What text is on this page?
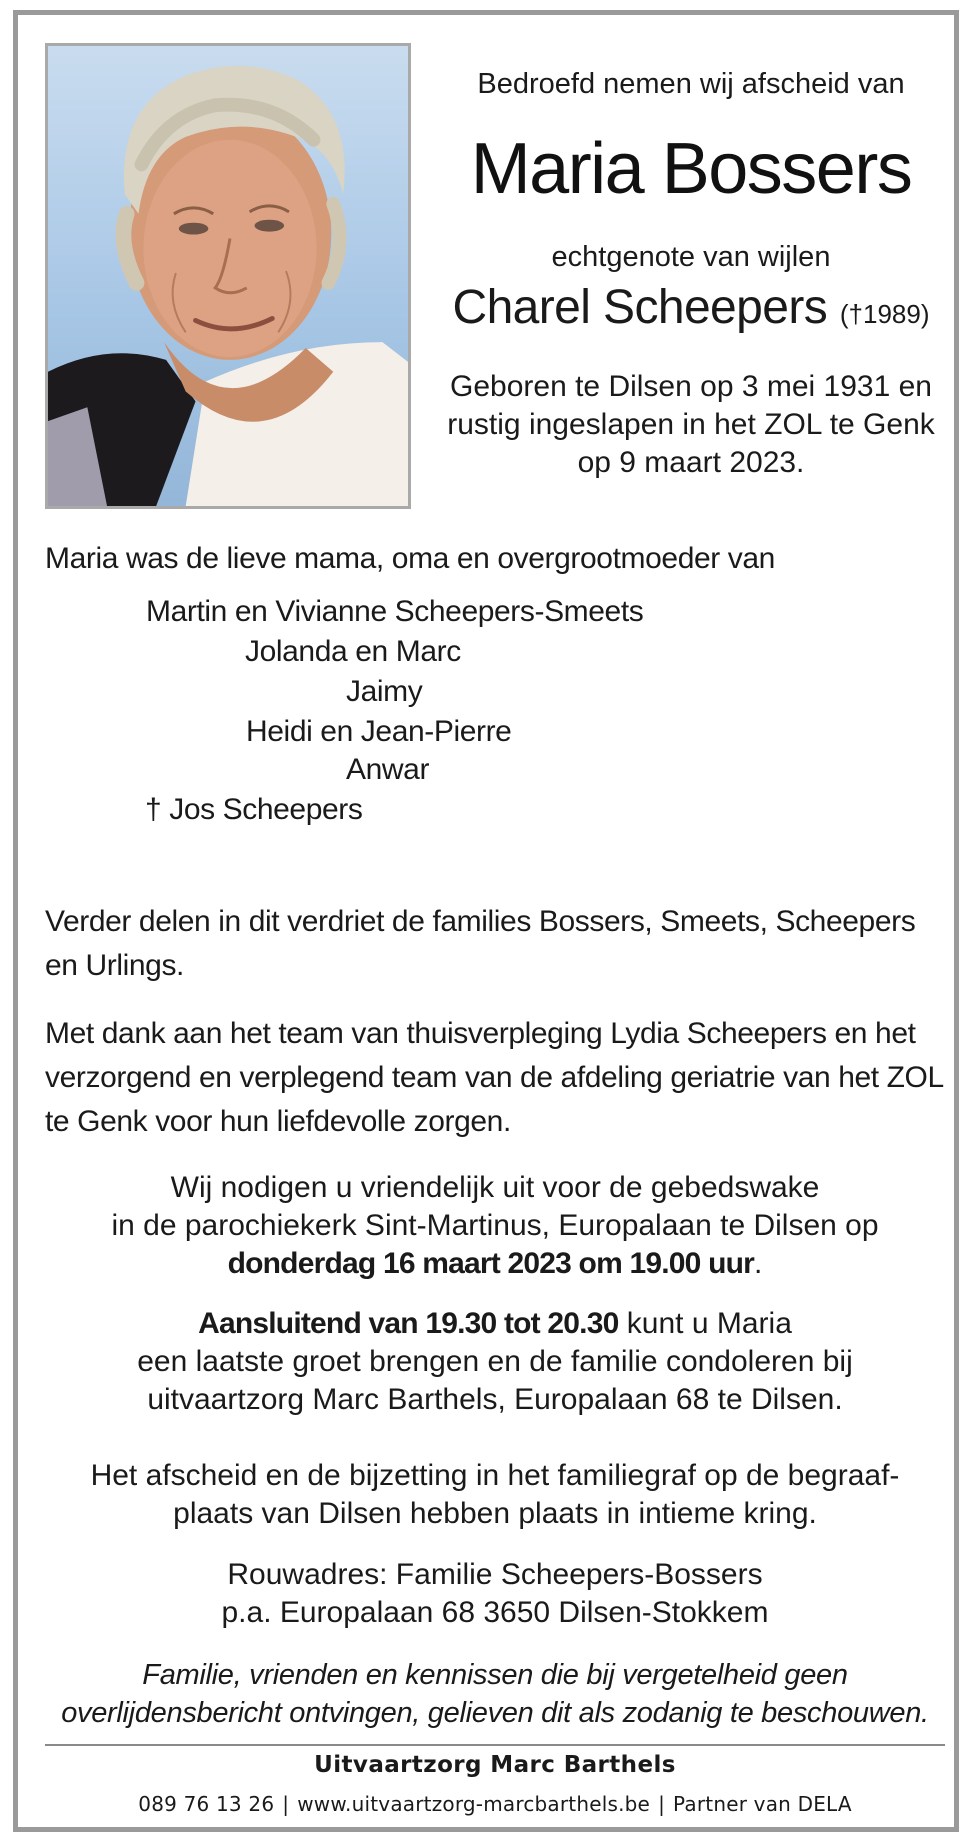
Bedroefd nemen wij afscheid van
Maria Bossers
echtgenote van wijlen
Charel Scheepers (†1989)
Geboren te Dilsen op 3 mei 1931 en
rustig ingeslapen in het ZOL te Genk
op 9 maart 2023.
Maria was de lieve mama, oma en overgrootmoeder van
Martin en Vivianne Scheepers-Smeets
Jolanda en Marc
Jaimy
Heidi en Jean-Pierre
Anwar
† Jos Scheepers
Verder delen in dit verdriet de families Bossers, Smeets, Scheepers en Urlings.
Met dank aan het team van thuisverpleging Lydia Scheepers en het verzorgend en verplegend team van de afdeling geriatrie van het ZOL te Genk voor hun liefdevolle zorgen.
Wij nodigen u vriendelijk uit voor de gebedswake
in de parochiekerk Sint-Martinus, Europalaan te Dilsen op
donderdag 16 maart 2023 om 19.00 uur.
Aansluitend van 19.30 tot 20.30 kunt u Maria
een laatste groet brengen en de familie condoleren bij
uitvaartzorg Marc Barthels, Europalaan 68 te Dilsen.
Het afscheid en de bijzetting in het familiegraf op de begraaf-
plaats van Dilsen hebben plaats in intieme kring.
Rouwadres: Familie Scheepers-Bossers
p.a. Europalaan 68 3650 Dilsen-Stokkem
Familie, vrienden en kennissen die bij vergetelheid geen
overlijdensbericht ontvingen, gelieven dit als zodanig te beschouwen.
Uitvaartzorg Marc Barthels
089 76 13 26 | www.uitvaartzorg-marcbarthels.be | Partner van DELA
